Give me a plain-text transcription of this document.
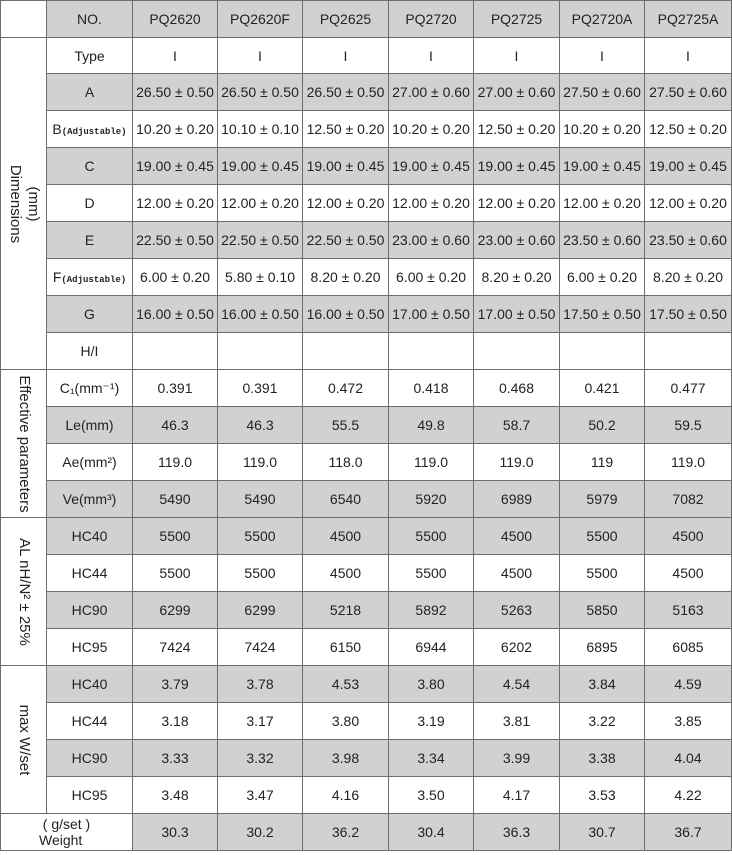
	NO.	PQ2620	PQ2620F	PQ2625	PQ2720	PQ2725	PQ2720A	PQ2725A

(mm)
Dimensions	Type	I	I	I	I	I	I	I
	A	26.50 ± 0.50	26.50 ± 0.50	26.50 ± 0.50	27.00 ± 0.60	27.00 ± 0.60	27.50 ± 0.60	27.50 ± 0.60
	B(Adjustable)	10.20 ± 0.20	10.10 ± 0.10	12.50 ± 0.20	10.20 ± 0.20	12.50 ± 0.20	10.20 ± 0.20	12.50 ± 0.20
	C	19.00 ± 0.45	19.00 ± 0.45	19.00 ± 0.45	19.00 ± 0.45	19.00 ± 0.45	19.00 ± 0.45	19.00 ± 0.45
	D	12.00 ± 0.20	12.00 ± 0.20	12.00 ± 0.20	12.00 ± 0.20	12.00 ± 0.20	12.00 ± 0.20	12.00 ± 0.20
	E	22.50 ± 0.50	22.50 ± 0.50	22.50 ± 0.50	23.00 ± 0.60	23.00 ± 0.60	23.50 ± 0.60	23.50 ± 0.60
	F(Adjustable)	6.00 ± 0.20	5.80 ± 0.10	8.20 ± 0.20	6.00 ± 0.20	8.20 ± 0.20	6.00 ± 0.20	8.20 ± 0.20
	G	16.00 ± 0.50	16.00 ± 0.50	16.00 ± 0.50	17.00 ± 0.50	17.00 ± 0.50	17.50 ± 0.50	17.50 ± 0.50
	H/I							

Effective parameters	C₁(mm⁻¹)	0.391	0.391	0.472	0.418	0.468	0.421	0.477
	Le(mm)	46.3	46.3	55.5	49.8	58.7	50.2	59.5
	Ae(mm²)	119.0	119.0	118.0	119.0	119.0	119	119.0
	Ve(mm³)	5490	5490	6540	5920	6989	5979	7082

AL nH/N² ± 25%	HC40	5500	5500	4500	5500	4500	5500	4500
	HC44	5500	5500	4500	5500	4500	5500	4500
	HC90	6299	6299	5218	5892	5263	5850	5163
	HC95	7424	7424	6150	6944	6202	6895	6085

max W/set	HC40	3.79	3.78	4.53	3.80	4.54	3.84	4.59
	HC44	3.18	3.17	3.80	3.19	3.81	3.22	3.85
	HC90	3.33	3.32	3.98	3.34	3.99	3.38	4.04
	HC95	3.48	3.47	4.16	3.50	4.17	3.53	4.22

( g/set )
Weight		30.3	30.2	36.2	30.4	36.3	30.7	36.7
